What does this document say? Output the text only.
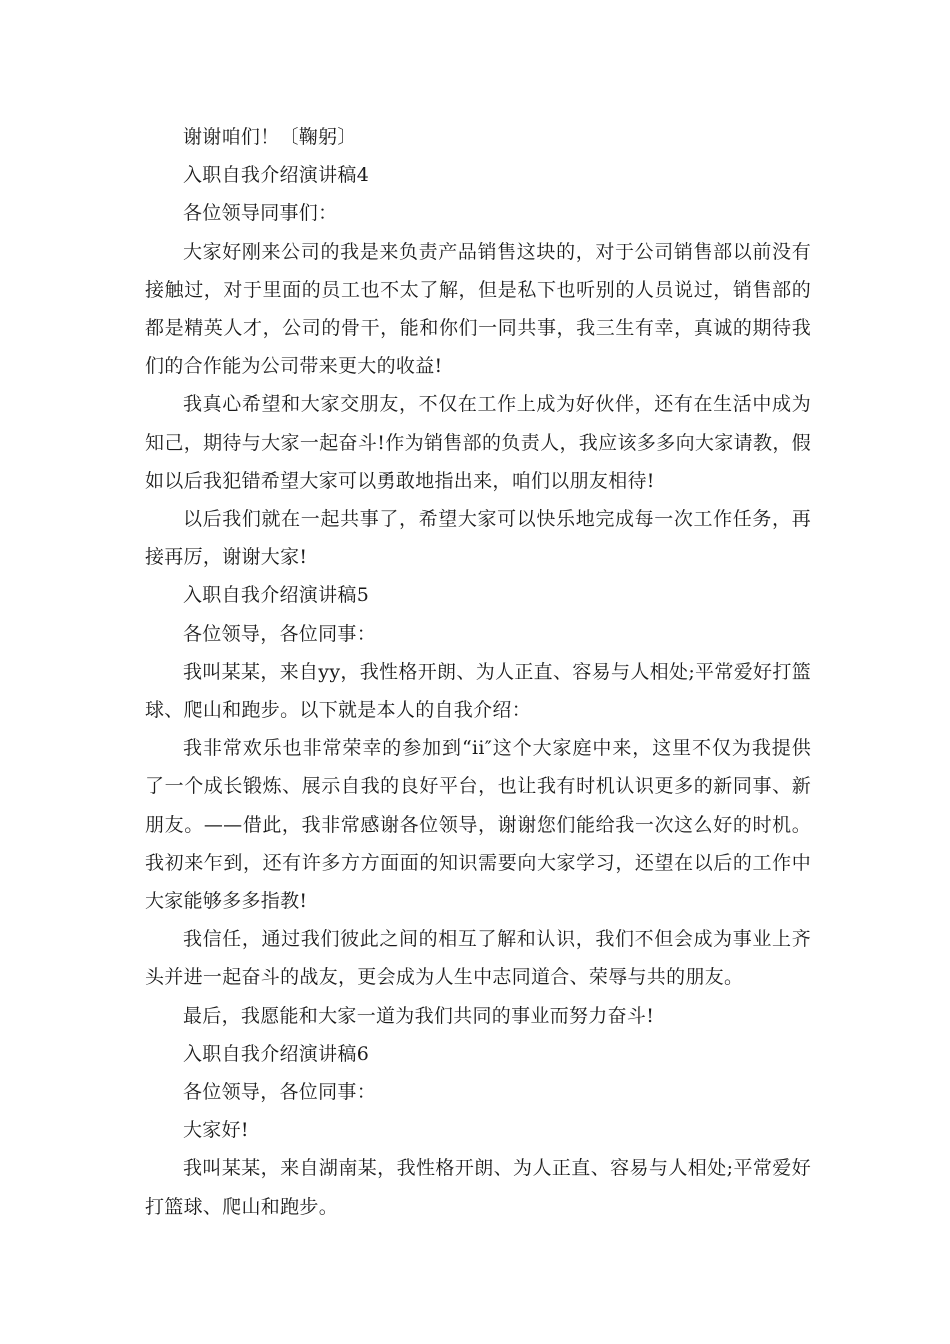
谢谢咱们！〔鞠躬〕

入职自我介绍演讲稿4

各位领导同事们：

大家好刚来公司的我是来负责产品销售这块的，对于公司销售部以前没有接触过，对于里面的员工也不太了解，但是私下也听别的人员说过，销售部的都是精英人才，公司的骨干，能和你们一同共事，我三生有幸，真诚的期待我们的合作能为公司带来更大的收益!

我真心希望和大家交朋友，不仅在工作上成为好伙伴，还有在生活中成为知己，期待与大家一起奋斗!作为销售部的负责人，我应该多多向大家请教，假如以后我犯错希望大家可以勇敢地指出来，咱们以朋友相待!

以后我们就在一起共事了，希望大家可以快乐地完成每一次工作任务，再接再厉，谢谢大家!

入职自我介绍演讲稿5

各位领导，各位同事：

我叫某某，来自yy，我性格开朗、为人正直、容易与人相处;平常爱好打篮球、爬山和跑步。以下就是本人的自我介绍：

我非常欢乐也非常荣幸的参加到“ii″这个大家庭中来，这里不仅为我提供了一个成长锻炼、展示自我的良好平台，也让我有时机认识更多的新同事、新朋友。——借此，我非常感谢各位领导，谢谢您们能给我一次这么好的时机。我初来乍到，还有许多方方面面的知识需要向大家学习，还望在以后的工作中大家能够多多指教!

我信任，通过我们彼此之间的相互了解和认识，我们不但会成为事业上齐头并进一起奋斗的战友，更会成为人生中志同道合、荣辱与共的朋友。

最后，我愿能和大家一道为我们共同的事业而努力奋斗!

入职自我介绍演讲稿6

各位领导，各位同事：

大家好!

我叫某某，来自湖南某，我性格开朗、为人正直、容易与人相处;平常爱好打篮球、爬山和跑步。
